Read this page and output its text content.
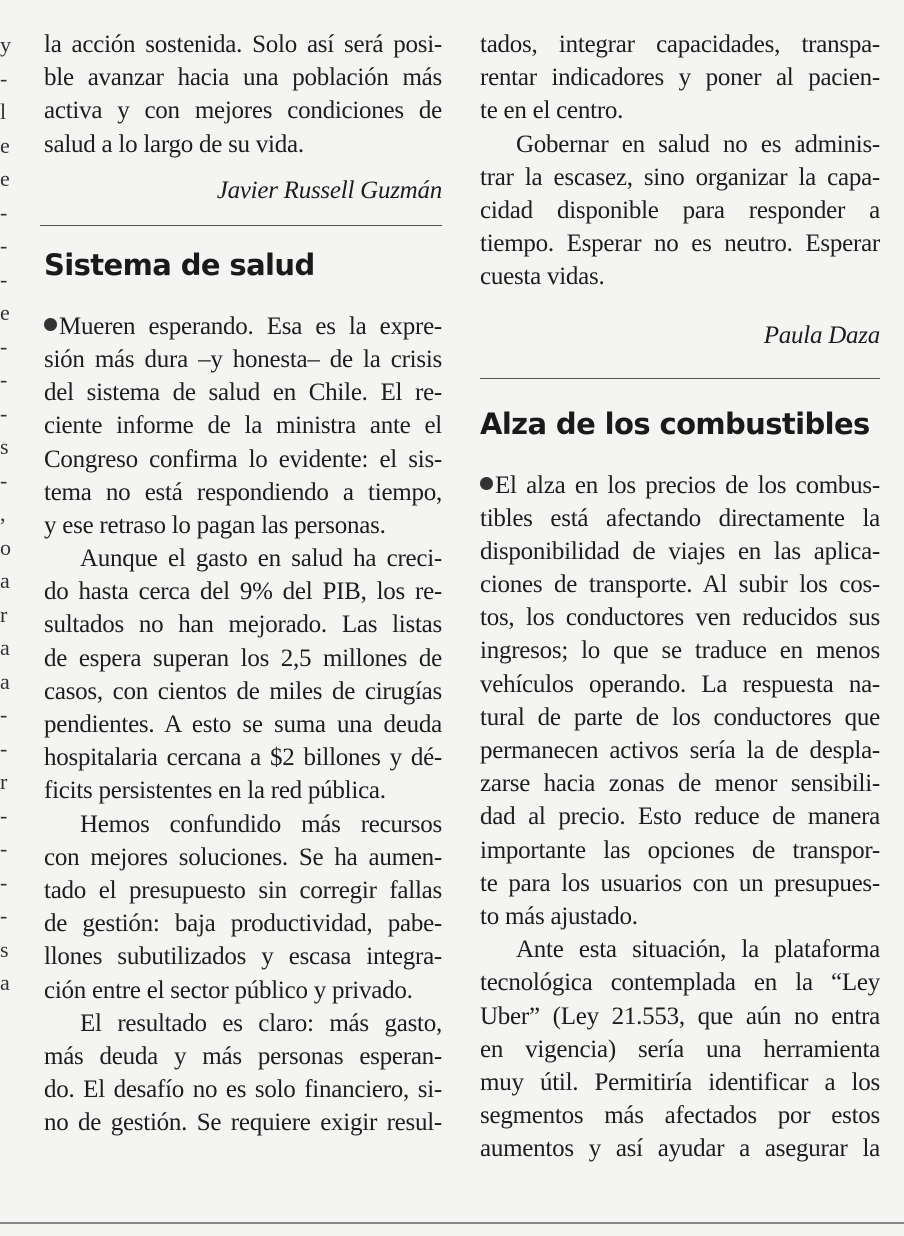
y
-
l
e
e
-
-
-
e
-
-
-
s
-
,
o
a
r
a
a
-
-
r
-
-
-
-
s
a
la acción sostenida. Solo así será posi-
ble avanzar hacia una población más
activa y con mejores condiciones de
salud a lo largo de su vida.
Javier Russell Guzmán
Sistema de salud
Mueren esperando. Esa es la expre-
sión más dura –y honesta– de la crisis
del sistema de salud en Chile. El re-
ciente informe de la ministra ante el
Congreso confirma lo evidente: el sis-
tema no está respondiendo a tiempo,
y ese retraso lo pagan las personas.
Aunque el gasto en salud ha creci-
do hasta cerca del 9% del PIB, los re-
sultados no han mejorado. Las listas
de espera superan los 2,5 millones de
casos, con cientos de miles de cirugías
pendientes. A esto se suma una deuda
hospitalaria cercana a $2 billones y dé-
ficits persistentes en la red pública.
Hemos confundido más recursos
con mejores soluciones. Se ha aumen-
tado el presupuesto sin corregir fallas
de gestión: baja productividad, pabe-
llones subutilizados y escasa integra-
ción entre el sector público y privado.
El resultado es claro: más gasto,
más deuda y más personas esperan-
do. El desafío no es solo financiero, si-
no de gestión. Se requiere exigir resul-
tados, integrar capacidades, transpa-
rentar indicadores y poner al pacien-
te en el centro.
Gobernar en salud no es adminis-
trar la escasez, sino organizar la capa-
cidad disponible para responder a
tiempo. Esperar no es neutro. Esperar
cuesta vidas.
Paula Daza
Alza de los combustibles
El alza en los precios de los combus-
tibles está afectando directamente la
disponibilidad de viajes en las aplica-
ciones de transporte. Al subir los cos-
tos, los conductores ven reducidos sus
ingresos; lo que se traduce en menos
vehículos operando. La respuesta na-
tural de parte de los conductores que
permanecen activos sería la de despla-
zarse hacia zonas de menor sensibili-
dad al precio. Esto reduce de manera
importante las opciones de transpor-
te para los usuarios con un presupues-
to más ajustado.
Ante esta situación, la plataforma
tecnológica contemplada en la “Ley
Uber” (Ley 21.553, que aún no entra
en vigencia) sería una herramienta
muy útil. Permitiría identificar a los
segmentos más afectados por estos
aumentos y así ayudar a asegurar la
